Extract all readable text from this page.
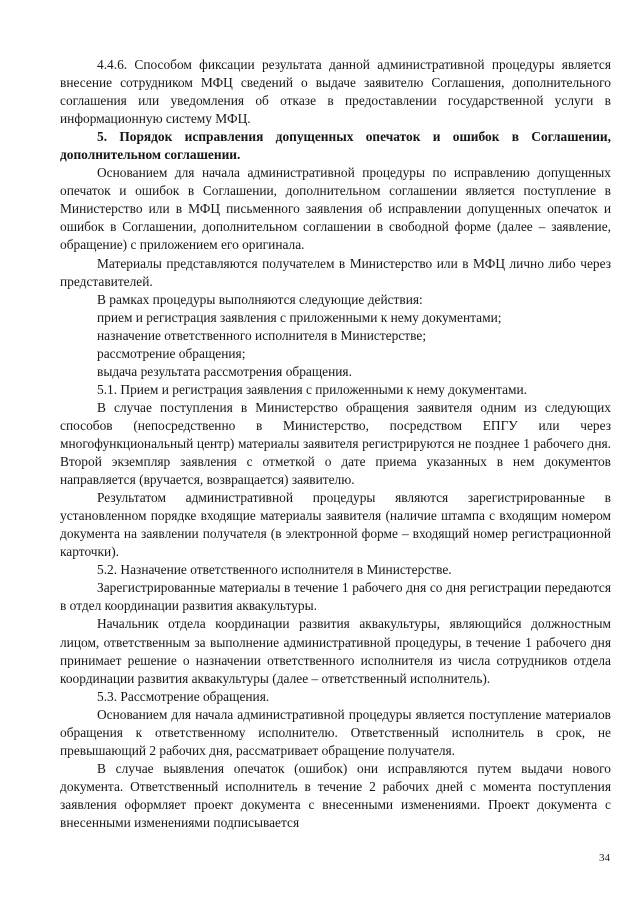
4.4.6. Способом фиксации результата данной административной процедуры является внесение сотрудником МФЦ сведений о выдаче заявителю Соглашения, дополнительного соглашения или уведомления об отказе в предоставлении государственной услуги в информационную систему МФЦ.

5. Порядок исправления допущенных опечаток и ошибок в Соглашении, дополнительном соглашении.

Основанием для начала административной процедуры по исправлению допущенных опечаток и ошибок в Соглашении, дополнительном соглашении является поступление в Министерство или в МФЦ письменного заявления об исправлении допущенных опечаток и ошибок в Соглашении, дополнительном соглашении в свободной форме (далее – заявление, обращение) с приложением его оригинала.

Материалы представляются получателем в Министерство или в МФЦ лично либо через представителей.

В рамках процедуры выполняются следующие действия:

прием и регистрация заявления с приложенными к нему документами;

назначение ответственного исполнителя в Министерстве;

рассмотрение обращения;

выдача результата рассмотрения обращения.

5.1. Прием и регистрация заявления с приложенными к нему документами.

В случае поступления в Министерство обращения заявителя одним из следующих способов (непосредственно в Министерство, посредством ЕПГУ или через многофункциональный центр) материалы заявителя регистрируются не позднее 1 рабочего дня. Второй экземпляр заявления с отметкой о дате приема указанных в нем документов направляется (вручается, возвращается) заявителю.

Результатом административной процедуры являются зарегистрированные в установленном порядке входящие материалы заявителя (наличие штампа с входящим номером документа на заявлении получателя (в электронной форме – входящий номер регистрационной карточки).

5.2. Назначение ответственного исполнителя в Министерстве.

Зарегистрированные материалы в течение 1 рабочего дня со дня регистрации передаются в отдел координации развития аквакультуры.

Начальник отдела координации развития аквакультуры, являющийся должностным лицом, ответственным за выполнение административной процедуры, в течение 1 рабочего дня принимает решение о назначении ответственного исполнителя из числа сотрудников отдела координации развития аквакультуры (далее – ответственный исполнитель).

5.3. Рассмотрение обращения.

Основанием для начала административной процедуры является поступление материалов обращения к ответственному исполнителю. Ответственный исполнитель в срок, не превышающий 2 рабочих дня, рассматривает обращение получателя.

В случае выявления опечаток (ошибок) они исправляются путем выдачи нового документа. Ответственный исполнитель в течение 2 рабочих дней с момента поступления заявления оформляет проект документа с внесенными изменениями. Проект документа с внесенными изменениями подписывается

34
